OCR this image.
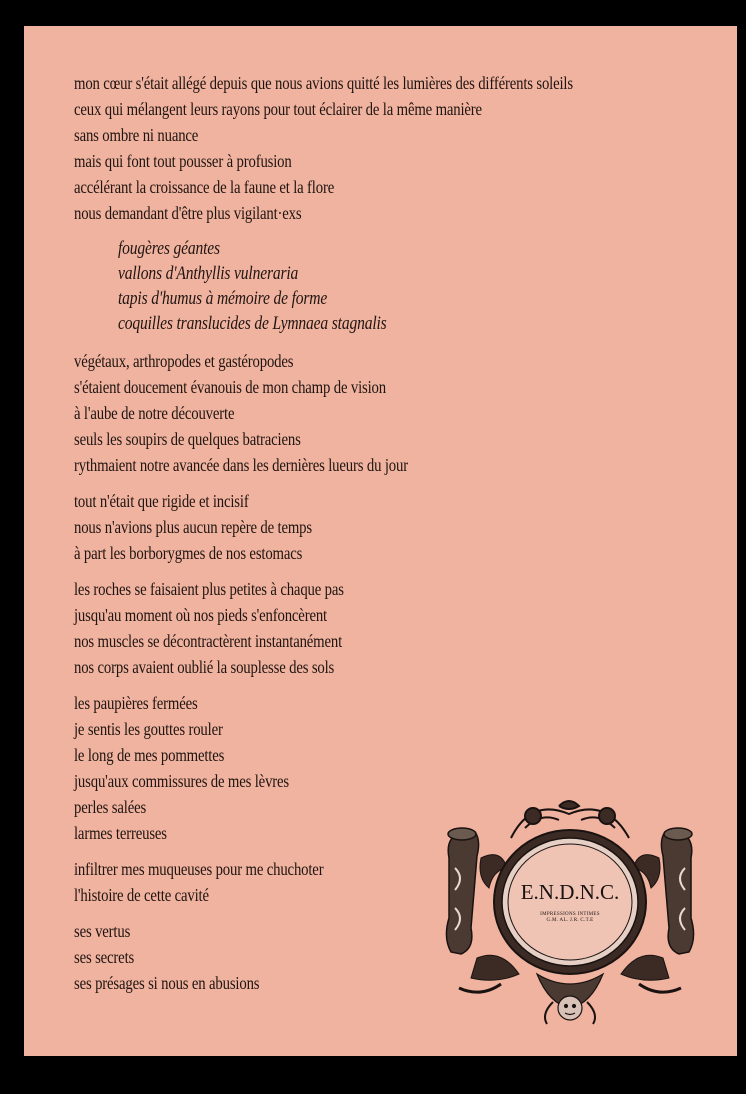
mon cœur s'était allégé depuis que nous avions quitté les lumières des différents soleils
ceux qui mélangent leurs rayons pour tout éclairer de la même manière
sans ombre ni nuance
mais qui font tout pousser à profusion
accélérant la croissance de la faune et la flore
nous demandant d'être plus vigilant·exs
fougères géantes
vallons d'Anthyllis vulneraria
tapis d'humus à mémoire de forme
coquilles translucides de Lymnaea stagnalis
végétaux, arthropodes et gastéropodes
s'étaient doucement évanouis de mon champ de vision
à l'aube de notre découverte
seuls les soupirs de quelques batraciens
rythmaient notre avancée dans les dernières lueurs du jour
tout n'était que rigide et incisif
nous n'avions plus aucun repère de temps
à part les borborygmes de nos estomacs
les roches se faisaient plus petites à chaque pas
jusqu'au moment où nos pieds s'enfoncèrent
nos muscles se décontractèrent instantanément
nos corps avaient oublié la souplesse des sols
les paupières fermées
je sentis les gouttes rouler
le long de mes pommettes
jusqu'aux commissures de mes lèvres
perles salées
larmes terreuses
infiltrer mes muqueuses pour me chuchoter
l'histoire de cette cavité
ses vertus
ses secrets
ses présages si nous en abusions
E.N.D.N.C.
IMPRESSIONS INTIMES
G.M. AL. J.R. C.T.E
